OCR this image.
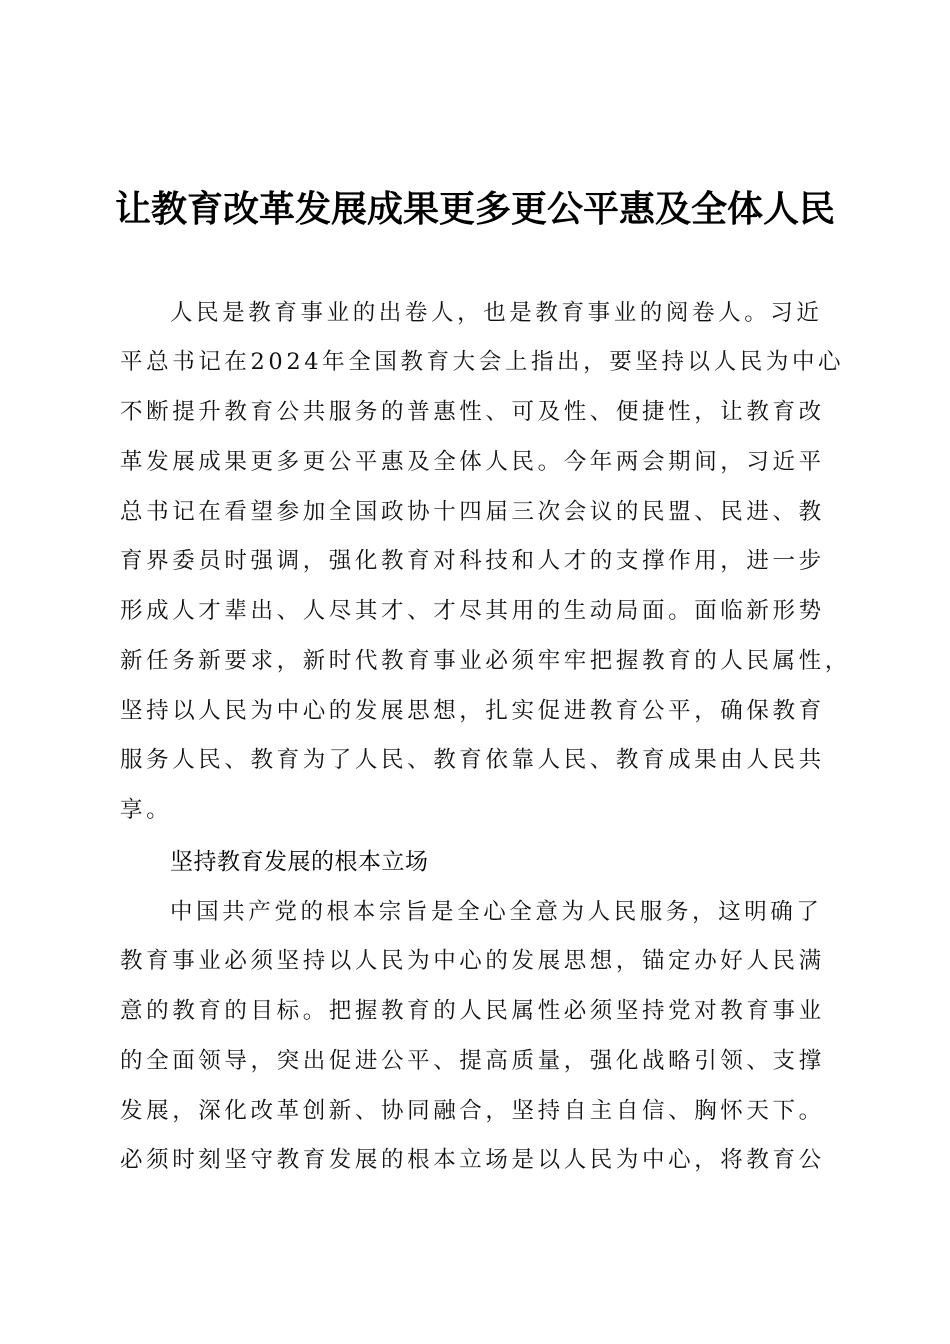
让教育改革发展成果更多更公平惠及全体人民
人民是教育事业的出卷人，也是教育事业的阅卷人。习近
平总书记在2024年全国教育大会上指出，要坚持以人民为中心
不断提升教育公共服务的普惠性、可及性、便捷性，让教育改
革发展成果更多更公平惠及全体人民。今年两会期间，习近平
总书记在看望参加全国政协十四届三次会议的民盟、民进、教
育界委员时强调，强化教育对科技和人才的支撑作用，进一步
形成人才辈出、人尽其才、才尽其用的生动局面。面临新形势
新任务新要求，新时代教育事业必须牢牢把握教育的人民属性，
坚持以人民为中心的发展思想，扎实促进教育公平，确保教育
服务人民、教育为了人民、教育依靠人民、教育成果由人民共
享。
坚持教育发展的根本立场
中国共产党的根本宗旨是全心全意为人民服务，这明确了
教育事业必须坚持以人民为中心的发展思想，锚定办好人民满
意的教育的目标。把握教育的人民属性必须坚持党对教育事业
的全面领导，突出促进公平、提高质量，强化战略引领、支撑
发展，深化改革创新、协同融合，坚持自主自信、胸怀天下。
必须时刻坚守教育发展的根本立场是以人民为中心，将教育公
